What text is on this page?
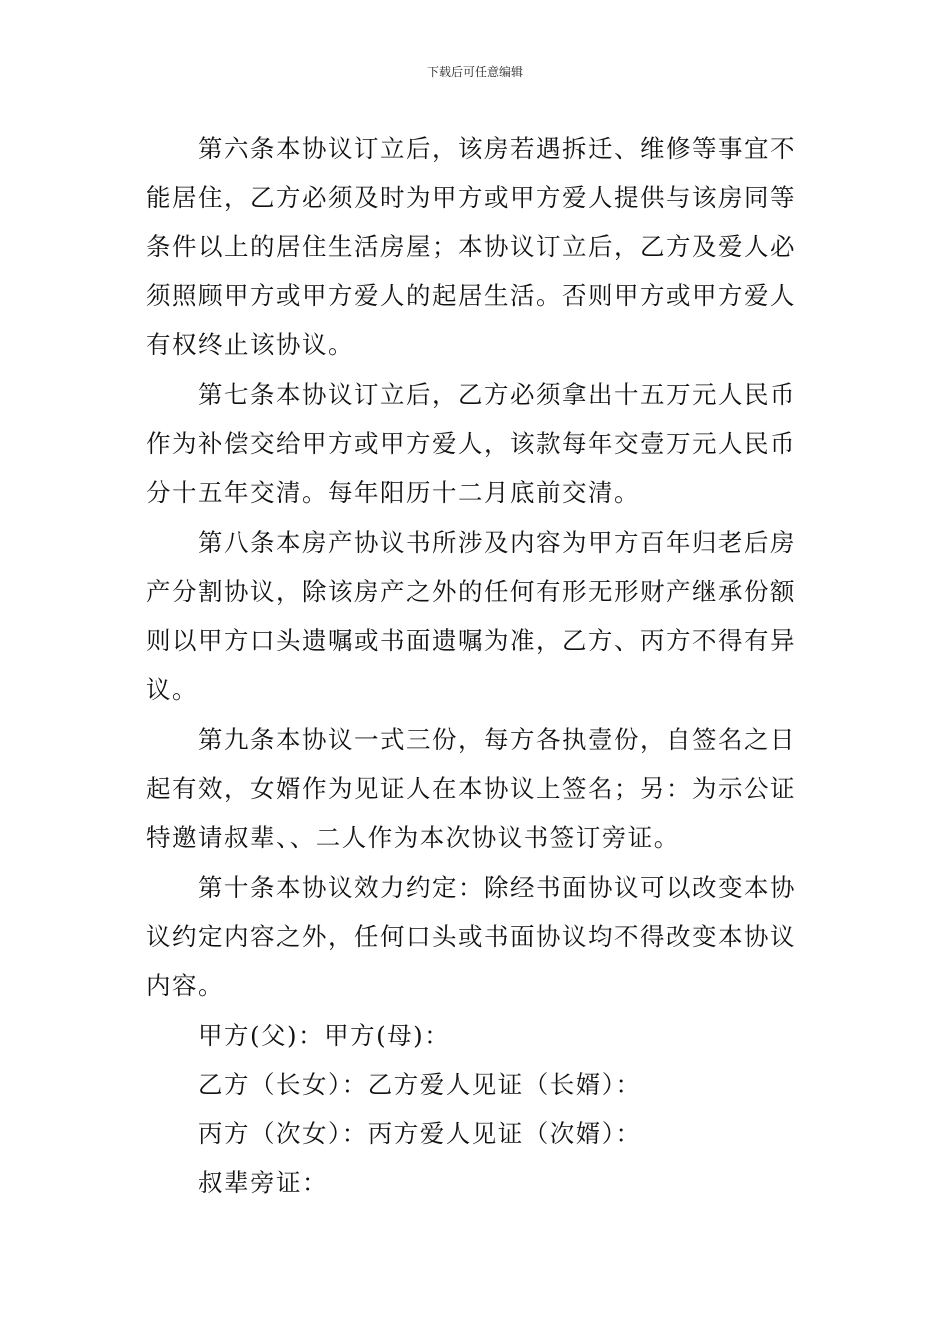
下载后可任意编辑

第六条本协议订立后，该房若遇拆迁、维修等事宜不能居住，乙方必须及时为甲方或甲方爱人提供与该房同等条件以上的居住生活房屋；本协议订立后，乙方及爱人必须照顾甲方或甲方爱人的起居生活。否则甲方或甲方爱人有权终止该协议。

第七条本协议订立后，乙方必须拿出十五万元人民币作为补偿交给甲方或甲方爱人，该款每年交壹万元人民币分十五年交清。每年阳历十二月底前交清。

第八条本房产协议书所涉及内容为甲方百年归老后房产分割协议，除该房产之外的任何有形无形财产继承份额则以甲方口头遗嘱或书面遗嘱为准，乙方、丙方不得有异议。

第九条本协议一式三份，每方各执壹份，自签名之日起有效，女婿作为见证人在本协议上签名；另：为示公证特邀请叔辈、、二人作为本次协议书签订旁证。

第十条本协议效力约定：除经书面协议可以改变本协议约定内容之外，任何口头或书面协议均不得改变本协议内容。

甲方(父)：甲方(母)：

乙方（长女）：乙方爱人见证（长婿）：

丙方（次女）：丙方爱人见证（次婿）：

叔辈旁证：
